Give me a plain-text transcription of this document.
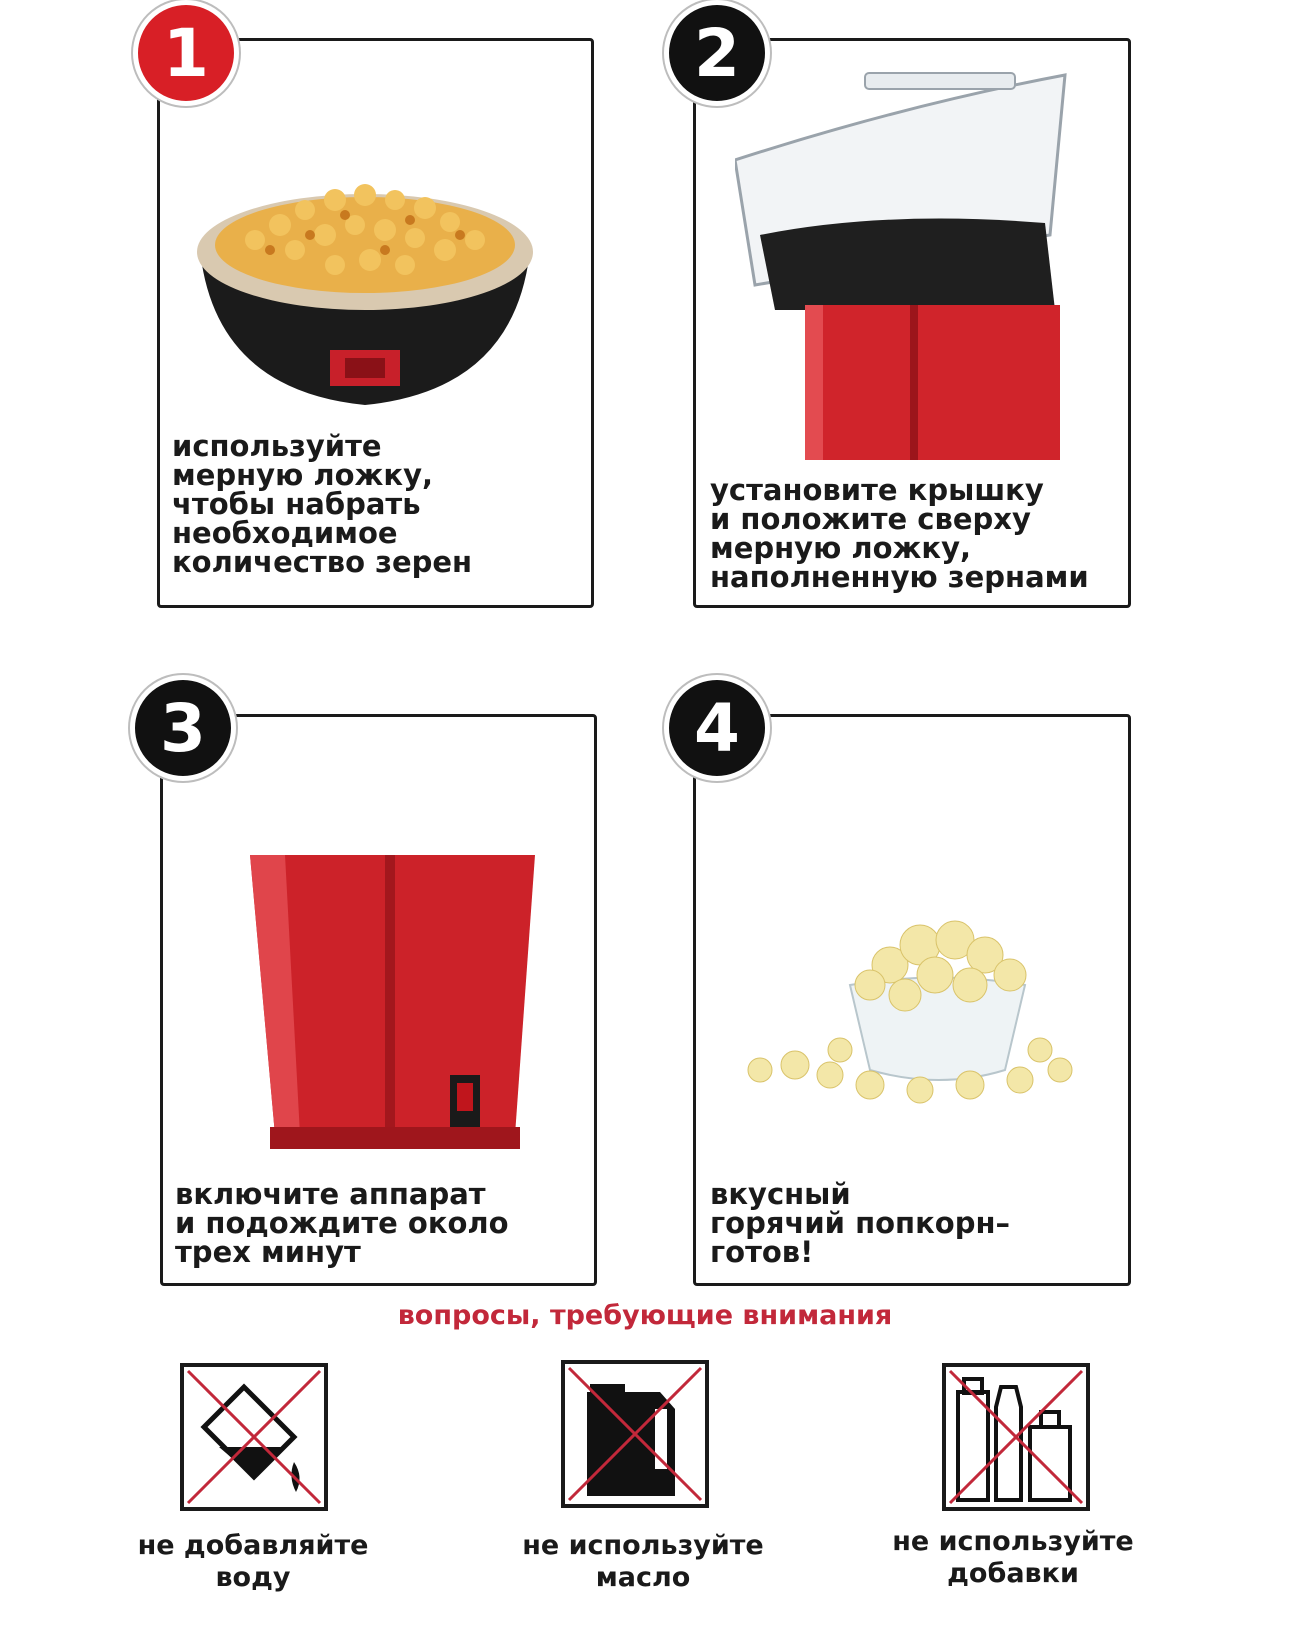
1
используйте
мерную ложку,
чтобы набрать
необходимое
количество зерен
2
установите крышку
и положите сверху
мерную ложку,
наполненную зернами
3
включите аппарат
и подождите около
трех минут
4
вкусный
горячий попкорн–
готов!
вопросы, требующие внимания
не добавляйте
воду
не используйте
масло
не используйте
добавки
